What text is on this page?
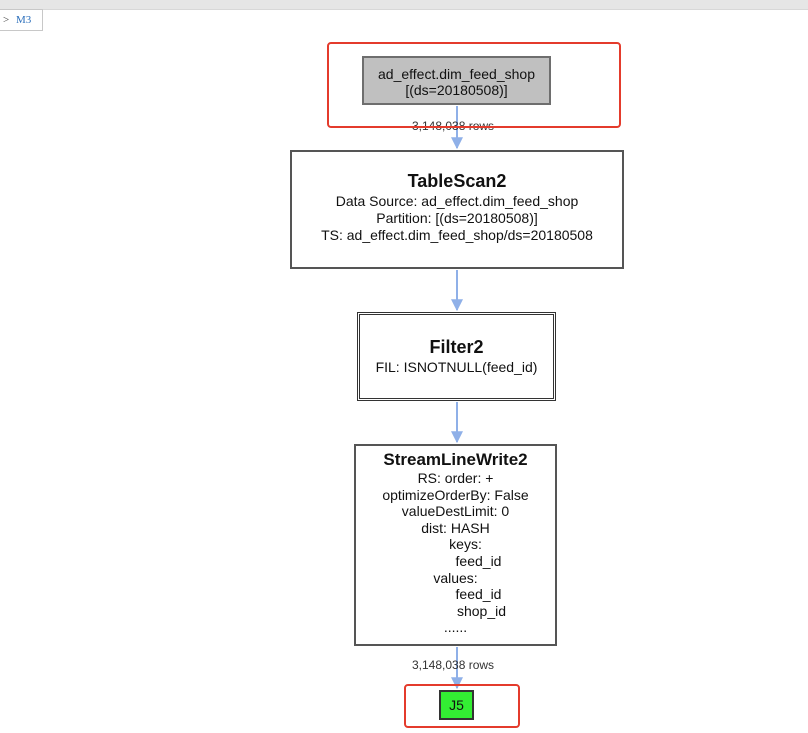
> M3
ad_effect.dim_feed_shop
[(ds=20180508)]
3,148,038 rows
TableScan2
Data Source: ad_effect.dim_feed_shop
Partition: [(ds=20180508)]
TS: ad_effect.dim_feed_shop/ds=20180508
Filter2
FIL: ISNOTNULL(feed_id)
StreamLineWrite2
RS: order: +
optimizeOrderBy: False
valueDestLimit: 0
dist: HASH
keys:
feed_id
values:
feed_id
shop_id
......
3,148,038 rows
J5
